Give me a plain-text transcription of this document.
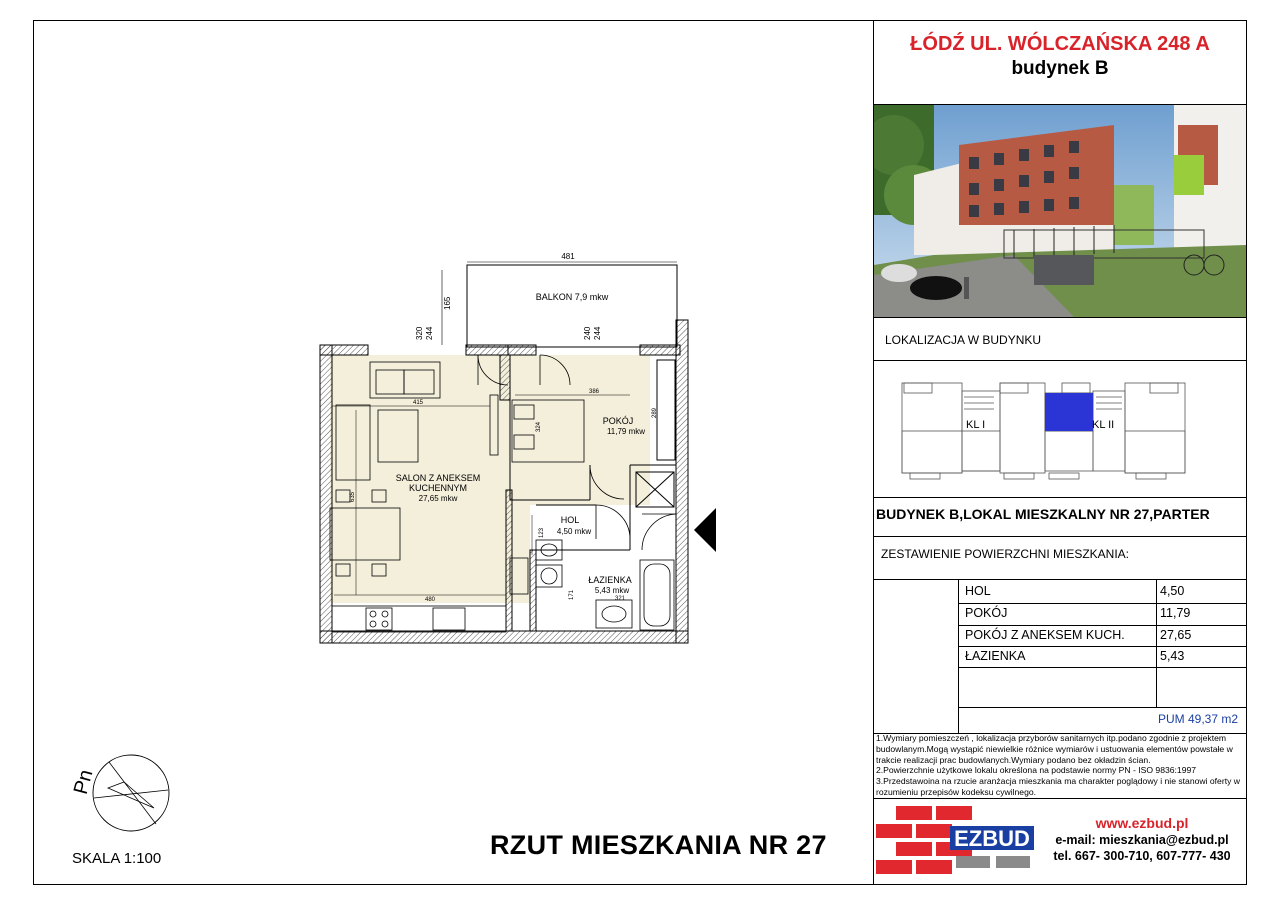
ŁÓDŹ UL. WÓLCZAŃSKA 248 A
budynek B
LOKALIZACJA W BUDYNKU
KL I	KL II
BUDYNEK B,LOKAL MIESZKALNY NR 27,PARTER
ZESTAWIENIE POWIERZCHNI MIESZKANIA:
HOL	4,50
POKÓJ	11,79
POKÓJ Z ANEKSEM KUCH.	27,65
ŁAZIENKA	5,43
PUM 49,37 m2
1.Wymiary pomieszczeń , lokalizacja przyborów sanitarnych itp.podano zgodnie z projektem budowlanym.Mogą wystąpić niewielkie różnice wymiarów i ustuowania elementów powstałe w trakcie realizacji prac budowlanych.Wymiary podano bez okładzin ścian.
2.Powierzchnie użytkowe lokalu określona na podstawie normy PN - ISO 9836:1997
3.Przedstawoina na rzucie aranżacja mieszkania ma charakter poglądowy i nie stanowi oferty w rozumieniu przepisów kodeksu cywilnego.
EZBUD
www.ezbud.pl
e-mail: mieszkania@ezbud.pl
tel. 667- 300-710, 607-777- 430
RZUT MIESZKANIA NR 27
SKALA 1:100
Pn
BALKON 7,9 mkw
481
165
320 244	240 244
415
386
480
635
324
289
123
171	321
POKÓJ
11,79 mkw
SALON Z ANEKSEM
KUCHENNYM
27,65 mkw
HOL
4,50 mkw
ŁAZIENKA
5,43 mkw
